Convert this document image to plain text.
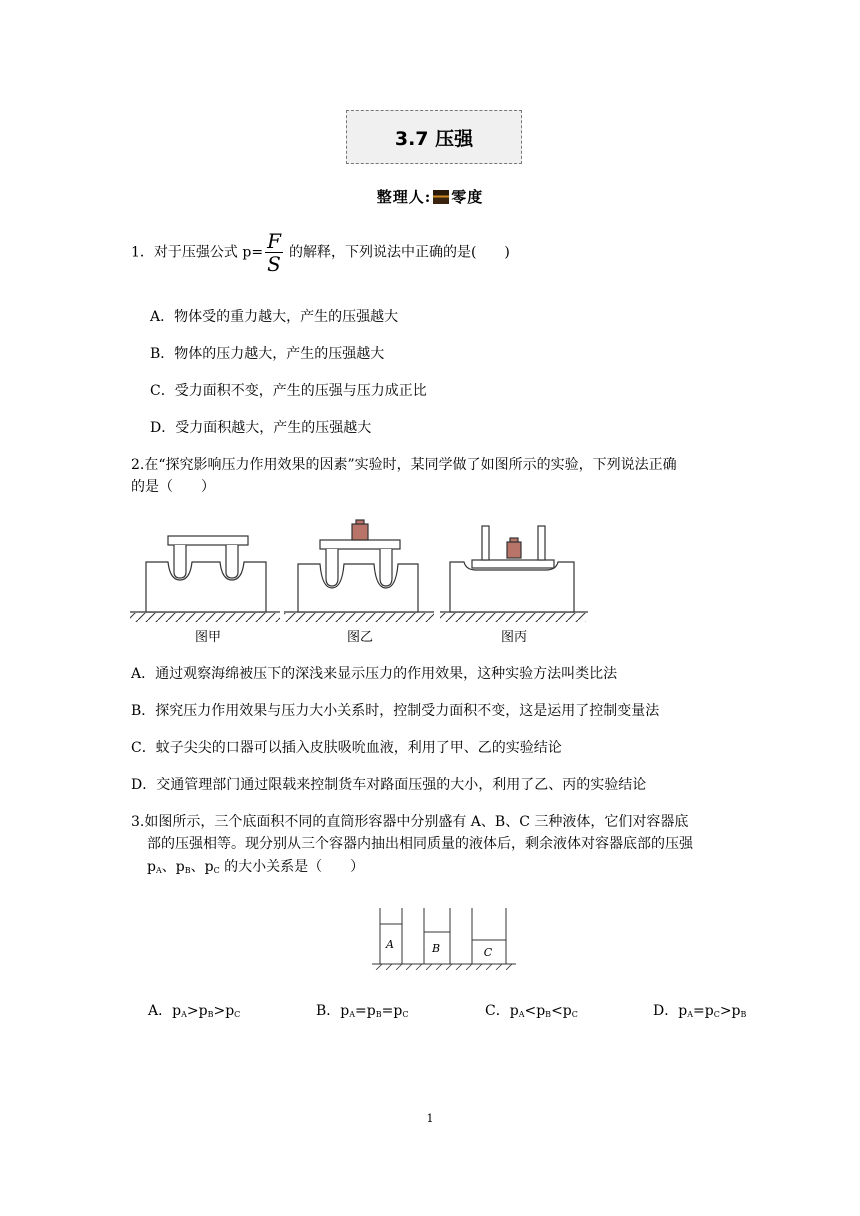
3.7 压强
整理人: 零度
1．对于压强公式 $p= \frac{F}{S}$ 的解释，下列说法中正确的是(　　)
A．物体受的重力越大，产生的压强越大
B．物体的压力越大，产生的压强越大
C．受力面积不变，产生的压强与压力成正比
D．受力面积越大，产生的压强越大
2.在“探究影响压力作用效果的因素”实验时，某同学做了如图所示的实验，下列说法正确
的是（　　）
图甲	图乙	图丙
A．通过观察海绵被压下的深浅来显示压力的作用效果，这种实验方法叫类比法
B．探究压力作用效果与压力大小关系时，控制受力面积不变，这是运用了控制变量法
C．蚊子尖尖的口器可以插入皮肤吸吮血液，利用了甲、乙的实验结论
D．交通管理部门通过限载来控制货车对路面压强的大小，利用了乙、丙的实验结论
3.如图所示，三个底面积不同的直筒形容器中分别盛有 A、B、C 三种液体，它们对容器底
部的压强相等。现分别从三个容器内抽出相同质量的液体后，剩余液体对容器底部的压强
$p_A$、$p_B$、$p_C$ 的大小关系是（　　）
A	B	C
A．$p_A>p_B>p_C$	B．$p_A=p_B=p_C$	C．$p_A<p_B<p_C$	D．$p_A=p_C>p_B$
1
